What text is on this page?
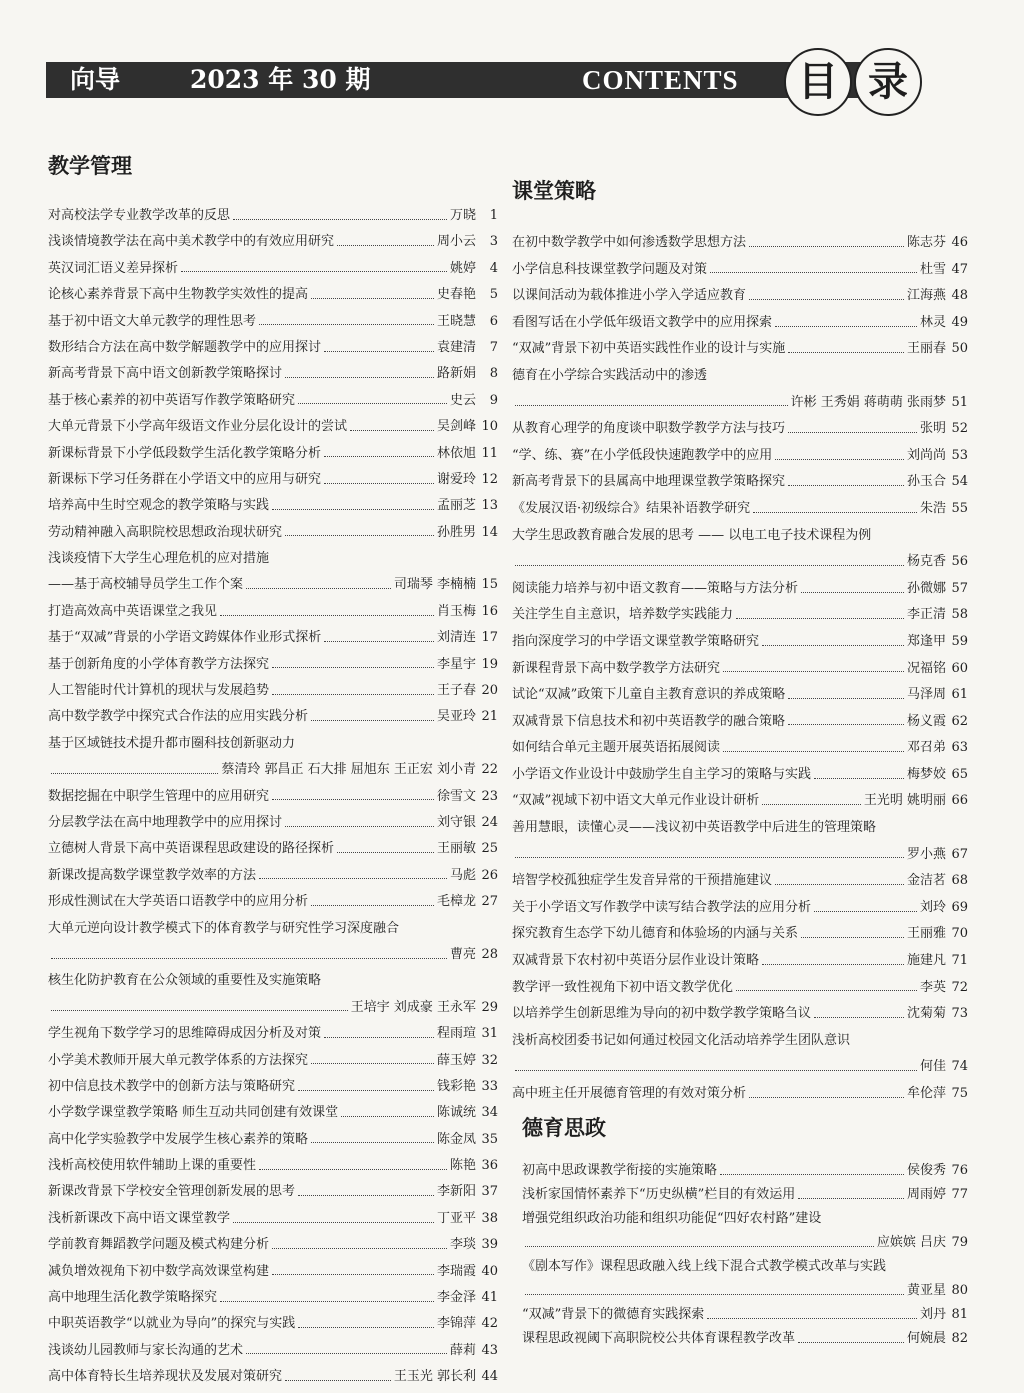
向导	2023 年 30 期	CONTENTS	目 录
教学管理
对高校法学专业教学改革的反思	万晓	1
浅谈情境教学法在高中美术教学中的有效应用研究	周小云	3
英汉词汇语义差异探析	姚婷	4
论核心素养背景下高中生物教学实效性的提高	史春艳	5
基于初中语文大单元教学的理性思考	王晓慧	6
数形结合方法在高中数学解题教学中的应用探讨	袁建清	7
新高考背景下高中语文创新教学策略探讨	路新娟	8
基于核心素养的初中英语写作教学策略研究	史云	9
大单元背景下小学高年级语文作业分层化设计的尝试	吴剑峰 10
新课标背景下小学低段数学生活化教学策略分析	林依旭 11
新课标下学习任务群在小学语文中的应用与研究	谢爱玲 12
培养高中生时空观念的教学策略与实践	孟丽芝 13
劳动精神融入高职院校思想政治现状研究	孙胜男 14
浅谈疫情下大学生心理危机的应对措施
——基于高校辅导员学生工作个案	司瑞琴 李楠楠 15
打造高效高中英语课堂之我见	肖玉梅 16
基于“双减”背景的小学语文跨媒体作业形式探析	刘清连 17
基于创新角度的小学体育教学方法探究	李星宇 19
人工智能时代计算机的现状与发展趋势	王子春 20
高中数学教学中探究式合作法的应用实践分析	吴亚玲 21
基于区域链技术提升都市圈科技创新驱动力
蔡清玲 郭昌正 石大排 屈旭东 王正宏 刘小青 22
数据挖掘在中职学生管理中的应用研究	徐雪文 23
分层教学法在高中地理教学中的应用探讨	刘守银 24
立德树人背景下高中英语课程思政建设的路径探析	王丽敏 25
新课改提高数学课堂教学效率的方法	马彪 26
形成性测试在大学英语口语教学中的应用分析	毛樟龙 27
大单元逆向设计教学模式下的体育教学与研究性学习深度融合
曹亮 28
核生化防护教育在公众领域的重要性及实施策略
王培宇 刘成豪 王永军 29
学生视角下数学学习的思维障碍成因分析及对策	程雨瑄 31
小学美术教师开展大单元教学体系的方法探究	薛玉婷 32
初中信息技术教学中的创新方法与策略研究	钱彩艳 33
小学数学课堂教学策略 师生互动共同创建有效课堂	陈诚统 34
高中化学实验教学中发展学生核心素养的策略	陈金凤 35
浅析高校使用软件辅助上课的重要性	陈艳 36
新课改背景下学校安全管理创新发展的思考	李新阳 37
浅析新课改下高中语文课堂教学	丁亚平 38
学前教育舞蹈教学问题及模式构建分析	李琰 39
减负增效视角下初中数学高效课堂构建	李瑞霞 40
高中地理生活化教学策略探究	李金泽 41
中职英语教学“以就业为导向”的探究与实践	李锦萍 42
浅谈幼儿园教师与家长沟通的艺术	薛莉 43
高中体育特长生培养现状及发展对策研究	王玉光 郭长利 44
课堂策略
在初中数学教学中如何渗透数学思想方法	陈志芬 46
小学信息科技课堂教学问题及对策	杜雪 47
以课间活动为载体推进小学入学适应教育	江海燕 48
看图写话在小学低年级语文教学中的应用探索	林灵 49
“双减”背景下初中英语实践性作业的设计与实施	王丽春 50
德育在小学综合实践活动中的渗透
许彬 王秀娟 蒋萌萌 张雨梦 51
从教育心理学的角度谈中职数学教学方法与技巧	张明 52
“学、练、赛”在小学低段快速跑教学中的应用	刘尚尚 53
新高考背景下的县属高中地理课堂教学策略探究	孙玉合 54
《发展汉语·初级综合》结果补语教学研究	朱浩 55
大学生思政教育融合发展的思考 —— 以电工电子技术课程为例
杨克香 56
阅读能力培养与初中语文教育——策略与方法分析	孙微娜 57
关注学生自主意识，培养数学实践能力	李正清 58
指向深度学习的中学语文课堂教学策略研究	郑逢甲 59
新课程背景下高中数学教学方法研究	况福铭 60
试论“双减”政策下儿童自主教育意识的养成策略	马泽周 61
双减背景下信息技术和初中英语教学的融合策略	杨义霞 62
如何结合单元主题开展英语拓展阅读	邓召弟 63
小学语文作业设计中鼓励学生自主学习的策略与实践	梅梦姣 65
“双减”视域下初中语文大单元作业设计研析	王光明 姚明丽 66
善用慧眼，读懂心灵——浅议初中英语教学中后进生的管理策略
罗小燕 67
培智学校孤独症学生发音异常的干预措施建议	金洁茗 68
关于小学语文写作教学中读写结合教学法的应用分析	刘玲 69
探究教育生态学下幼儿德育和体验场的内涵与关系	王丽雅 70
双减背景下农村初中英语分层作业设计策略	施建凡 71
教学评一致性视角下初中语文教学优化	李英 72
以培养学生创新思维为导向的初中数学教学策略刍议	沈菊菊 73
浅析高校团委书记如何通过校园文化活动培养学生团队意识
何佳 74
高中班主任开展德育管理的有效对策分析	牟伦萍 75
德育思政
初高中思政课教学衔接的实施策略	侯俊秀 76
浅析家国情怀素养下“历史纵横”栏目的有效运用	周雨婷 77
增强党组织政治功能和组织功能促“四好农村路”建设
应嫔嫔 吕庆 79
《剧本写作》课程思政融入线上线下混合式教学模式改革与实践
黄亚星 80
“双减”背景下的微德育实践探索	刘丹 81
课程思政视阈下高职院校公共体育课程教学改革	何婉晨 82
